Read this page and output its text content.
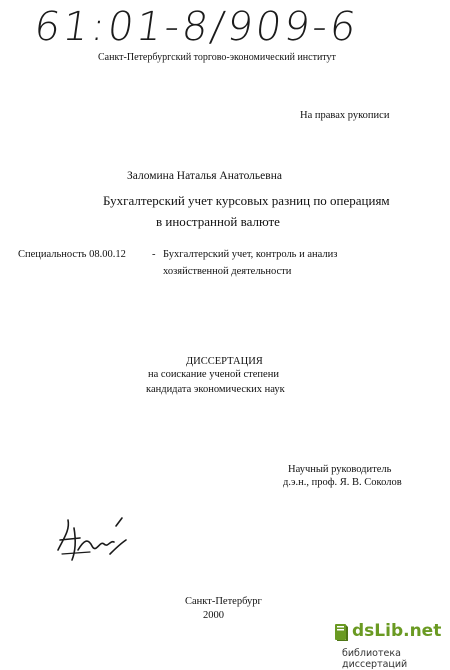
61:01-8/909-6
Санкт-Петербургский торгово-экономический институт
На правах рукописи
Заломина Наталья Анатольевна
Бухгалтерский учет курсовых разниц по операциям
в иностранной валюте
Специальность 08.00.12 - Бухгалтерский учет, контроль и анализ
хозяйственной деятельности
ДИССЕРТАЦИЯ
на соискание ученой степени
кандидата экономических наук
Научный руководитель
д.э.н., проф. Я. В. Соколов
Санкт-Петербург
2000
dsLib.net
библиотека диссертаций
